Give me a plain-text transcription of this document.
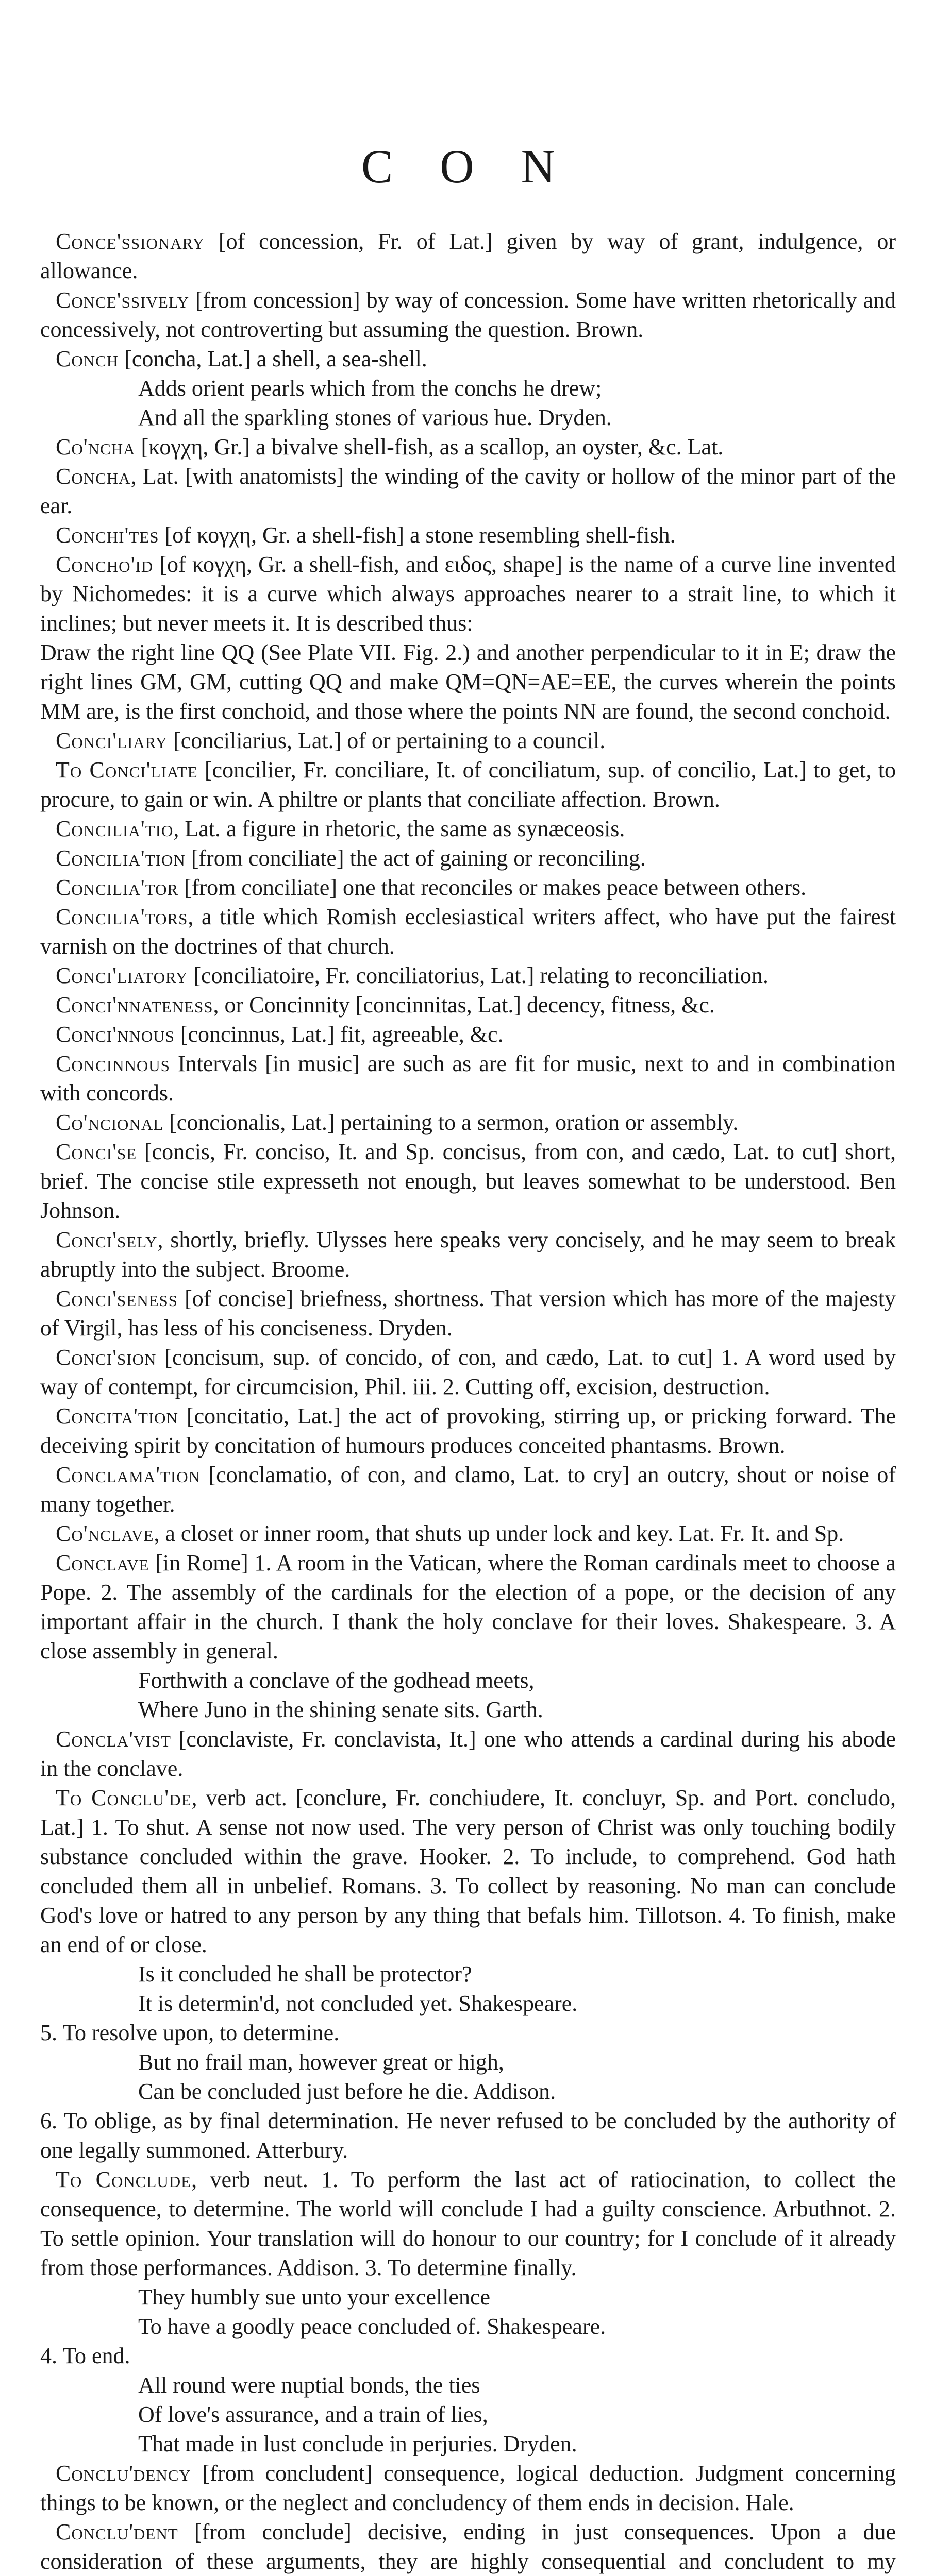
C O N

Conce'ssionary [of concession, Fr. of Lat.] given by way of grant, indulgence, or allowance.

Conce'ssively [from concession] by way of concession. Some have written rhetorically and concessively, not controverting but assuming the question. Brown.

Conch [concha, Lat.] a shell, a sea-shell.

Adds orient pearls which from the conchs he drew;

And all the sparkling stones of various hue. Dryden.

Co'ncha [κογχη, Gr.] a bivalve shell-fish, as a scallop, an oyster, &c. Lat.

Concha, Lat. [with anatomists] the winding of the cavity or hollow of the minor part of the ear.

Conchi'tes [of κογχη, Gr. a shell-fish] a stone resembling shell-fish.

Concho'id [of κογχη, Gr. a shell-fish, and ειδος, shape] is the name of a curve line invented by Nichomedes: it is a curve which always approaches nearer to a strait line, to which it inclines; but never meets it. It is described thus:

Draw the right line QQ (See Plate VII. Fig. 2.) and another perpendicular to it in E; draw the right lines GM, GM, cutting QQ and make QM=QN=AE=EE, the curves wherein the points MM are, is the first conchoid, and those where the points NN are found, the second conchoid.

Conci'liary [conciliarius, Lat.] of or pertaining to a council.

To Conci'liate [concilier, Fr. conciliare, It. of conciliatum, sup. of concilio, Lat.] to get, to procure, to gain or win. A philtre or plants that conciliate affection. Brown.

Concilia'tio, Lat. a figure in rhetoric, the same as synæceosis.

Concilia'tion [from conciliate] the act of gaining or reconciling.

Concilia'tor [from conciliate] one that reconciles or makes peace between others.

Concilia'tors, a title which Romish ecclesiastical writers affect, who have put the fairest varnish on the doctrines of that church.

Conci'liatory [conciliatoire, Fr. conciliatorius, Lat.] relating to reconciliation.

Conci'nnateness, or Concinnity [concinnitas, Lat.] decency, fitness, &c.

Conci'nnous [concinnus, Lat.] fit, agreeable, &c.

Concinnous Intervals [in music] are such as are fit for music, next to and in combination with concords.

Co'ncional [concionalis, Lat.] pertaining to a sermon, oration or assembly.

Conci'se [concis, Fr. conciso, It. and Sp. concisus, from con, and cædo, Lat. to cut] short, brief. The concise stile expresseth not enough, but leaves somewhat to be understood. Ben Johnson.

Conci'sely, shortly, briefly. Ulysses here speaks very concisely, and he may seem to break abruptly into the subject. Broome.

Conci'seness [of concise] briefness, shortness. That version which has more of the majesty of Virgil, has less of his conciseness. Dryden.

Conci'sion [concisum, sup. of concido, of con, and cædo, Lat. to cut] 1. A word used by way of contempt, for circumcision, Phil. iii. 2. Cutting off, excision, destruction.

Concita'tion [concitatio, Lat.] the act of provoking, stirring up, or pricking forward. The deceiving spirit by concitation of humours produces conceited phantasms. Brown.

Conclama'tion [conclamatio, of con, and clamo, Lat. to cry] an outcry, shout or noise of many together.

Co'nclave, a closet or inner room, that shuts up under lock and key. Lat. Fr. It. and Sp.

Conclave [in Rome] 1. A room in the Vatican, where the Roman cardinals meet to choose a Pope. 2. The assembly of the cardinals for the election of a pope, or the decision of any important affair in the church. I thank the holy conclave for their loves. Shakespeare. 3. A close assembly in general.

Forthwith a conclave of the godhead meets,

Where Juno in the shining senate sits. Garth.

Concla'vist [conclaviste, Fr. conclavista, It.] one who attends a cardinal during his abode in the conclave.

To Conclu'de, verb act. [conclure, Fr. conchiudere, It. concluyr, Sp. and Port. concludo, Lat.] 1. To shut. A sense not now used. The very person of Christ was only touching bodily substance concluded within the grave. Hooker. 2. To include, to comprehend. God hath concluded them all in unbelief. Romans. 3. To collect by reasoning. No man can conclude God's love or hatred to any person by any thing that befals him. Tillotson. 4. To finish, make an end of or close.

Is it concluded he shall be protector?

It is determin'd, not concluded yet. Shakespeare.

5. To resolve upon, to determine.

But no frail man, however great or high,

Can be concluded just before he die. Addison.

6. To oblige, as by final determination. He never refused to be concluded by the authority of one legally summoned. Atterbury.

To Conclude, verb neut. 1. To perform the last act of ratiocination, to collect the consequence, to determine. The world will conclude I had a guilty conscience. Arbuthnot. 2. To settle opinion. Your translation will do honour to our country; for I conclude of it already from those performances. Addison. 3. To determine finally.

They humbly sue unto your excellence

To have a goodly peace concluded of. Shakespeare.

4. To end.

All round were nuptial bonds, the ties

Of love's assurance, and a train of lies,

That made in lust conclude in perjuries. Dryden.

Conclu'dency [from concludent] consequence, logical deduction. Judgment concerning things to be known, or the neglect and concludency of them ends in decision. Hale.

Conclu'dent [from conclude] decisive, ending in just consequences. Upon a due consideration of these arguments, they are highly consequential and concludent to my
